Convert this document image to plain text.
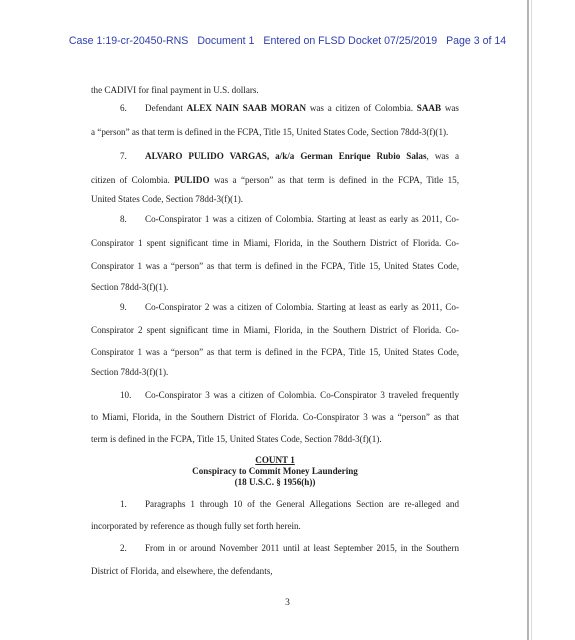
Case 1:19-cr-20450-RNS Document 1 Entered on FLSD Docket 07/25/2019 Page 3 of 14
the CADIVI for final payment in U.S. dollars.
6. Defendant ALEX NAIN SAAB MORAN was a citizen of Colombia. SAAB was
a “person” as that term is defined in the FCPA, Title 15, United States Code, Section 78dd-3(f)(1).
7. ALVARO PULIDO VARGAS, a/k/a German Enrique Rubio Salas, was a
citizen of Colombia. PULIDO was a “person” as that term is defined in the FCPA, Title 15,
United States Code, Section 78dd-3(f)(1).
8. Co-Conspirator 1 was a citizen of Colombia. Starting at least as early as 2011, Co-
Conspirator 1 spent significant time in Miami, Florida, in the Southern District of Florida. Co-
Conspirator 1 was a “person” as that term is defined in the FCPA, Title 15, United States Code,
Section 78dd-3(f)(1).
9. Co-Conspirator 2 was a citizen of Colombia. Starting at least as early as 2011, Co-
Conspirator 2 spent significant time in Miami, Florida, in the Southern District of Florida. Co-
Conspirator 1 was a “person” as that term is defined in the FCPA, Title 15, United States Code,
Section 78dd-3(f)(1).
10. Co-Conspirator 3 was a citizen of Colombia. Co-Conspirator 3 traveled frequently
to Miami, Florida, in the Southern District of Florida. Co-Conspirator 3 was a “person” as that
term is defined in the FCPA, Title 15, United States Code, Section 78dd-3(f)(1).
COUNT 1
Conspiracy to Commit Money Laundering
(18 U.S.C. § 1956(h))
1. Paragraphs 1 through 10 of the General Allegations Section are re-alleged and
incorporated by reference as though fully set forth herein.
2. From in or around November 2011 until at least September 2015, in the Southern
District of Florida, and elsewhere, the defendants,
3
